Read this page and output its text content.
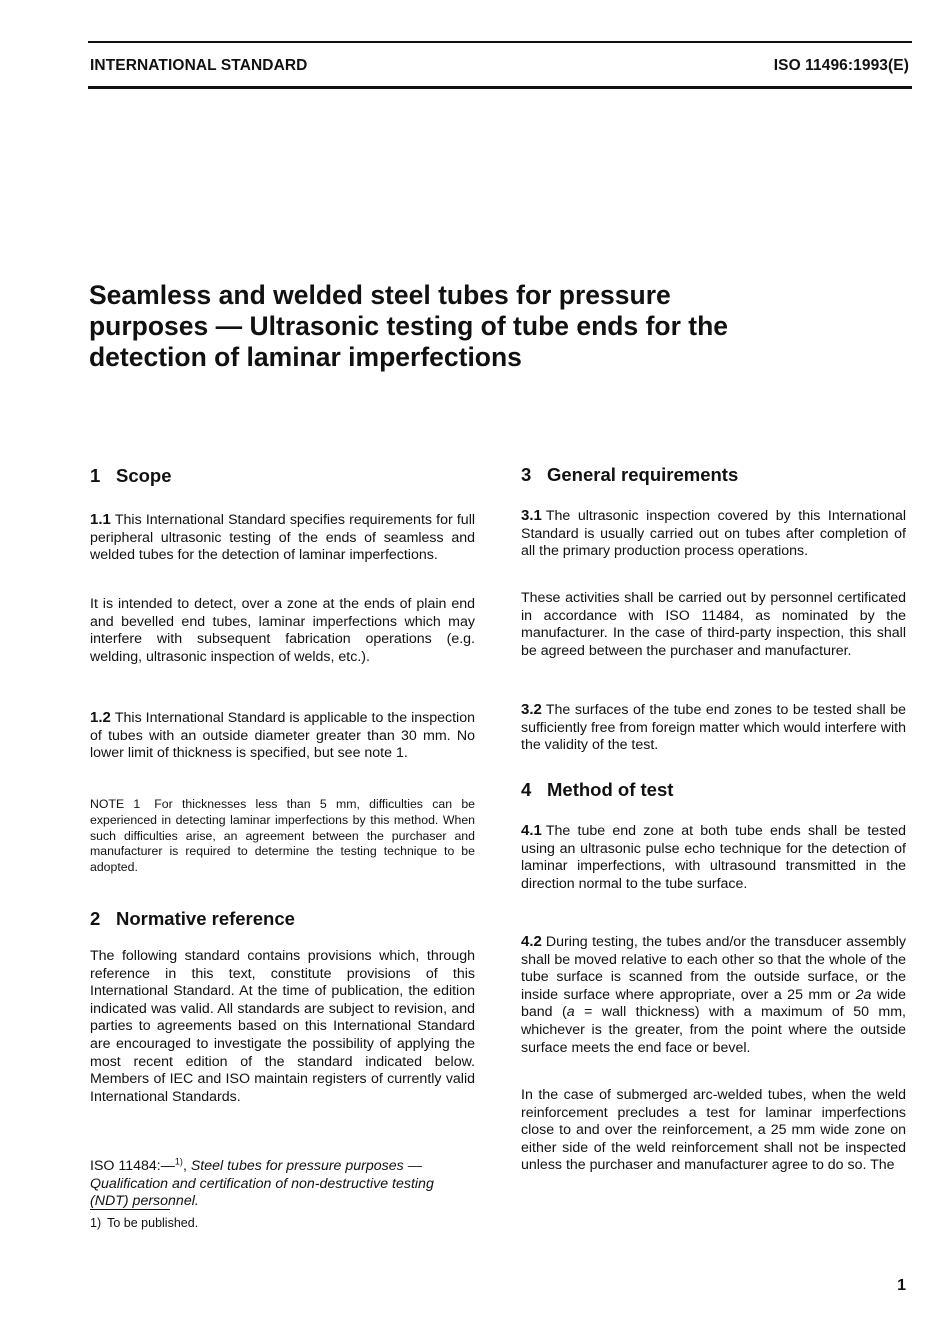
INTERNATIONAL STANDARD	ISO 11496:1993(E)
Seamless and welded steel tubes for pressure
purposes — Ultrasonic testing of tube ends for the
detection of laminar imperfections
1 Scope

1.1 This International Standard specifies requirements for full peripheral ultrasonic testing of the ends of seamless and welded tubes for the detection of laminar imperfections.

It is intended to detect, over a zone at the ends of plain end and bevelled end tubes, laminar imperfections which may interfere with subsequent fabrication operations (e.g. welding, ultrasonic inspection of welds, etc.).

1.2 This International Standard is applicable to the inspection of tubes with an outside diameter greater than 30 mm. No lower limit of thickness is specified, but see note 1.

NOTE 1 For thicknesses less than 5 mm, difficulties can be experienced in detecting laminar imperfections by this method. When such difficulties arise, an agreement between the purchaser and manufacturer is required to determine the testing technique to be adopted.

2 Normative reference

The following standard contains provisions which, through reference in this text, constitute provisions of this International Standard. At the time of publication, the edition indicated was valid. All standards are subject to revision, and parties to agreements based on this International Standard are encouraged to investigate the possibility of applying the most recent edition of the standard indicated below. Members of IEC and ISO maintain registers of currently valid International Standards.

ISO 11484:—$^{1)}$, Steel tubes for pressure purposes — Qualification and certification of non-destructive testing (NDT) personnel.

1) To be published.
3 General requirements

3.1 The ultrasonic inspection covered by this International Standard is usually carried out on tubes after completion of all the primary production process operations.

These activities shall be carried out by personnel certificated in accordance with ISO 11484, as nominated by the manufacturer. In the case of third-party inspection, this shall be agreed between the purchaser and manufacturer.

3.2 The surfaces of the tube end zones to be tested shall be sufficiently free from foreign matter which would interfere with the validity of the test.

4 Method of test

4.1 The tube end zone at both tube ends shall be tested using an ultrasonic pulse echo technique for the detection of laminar imperfections, with ultrasound transmitted in the direction normal to the tube surface.

4.2 During testing, the tubes and/or the transducer assembly shall be moved relative to each other so that the whole of the tube surface is scanned from the outside surface, or the inside surface where appropriate, over a 25 mm or 2a wide band (a = wall thickness) with a maximum of 50 mm, whichever is the greater, from the point where the outside surface meets the end face or bevel.

In the case of submerged arc-welded tubes, when the weld reinforcement precludes a test for laminar imperfections close to and over the reinforcement, a 25 mm wide zone on either side of the weld reinforcement shall not be inspected unless the purchaser and manufacturer agree to do so. The

1
